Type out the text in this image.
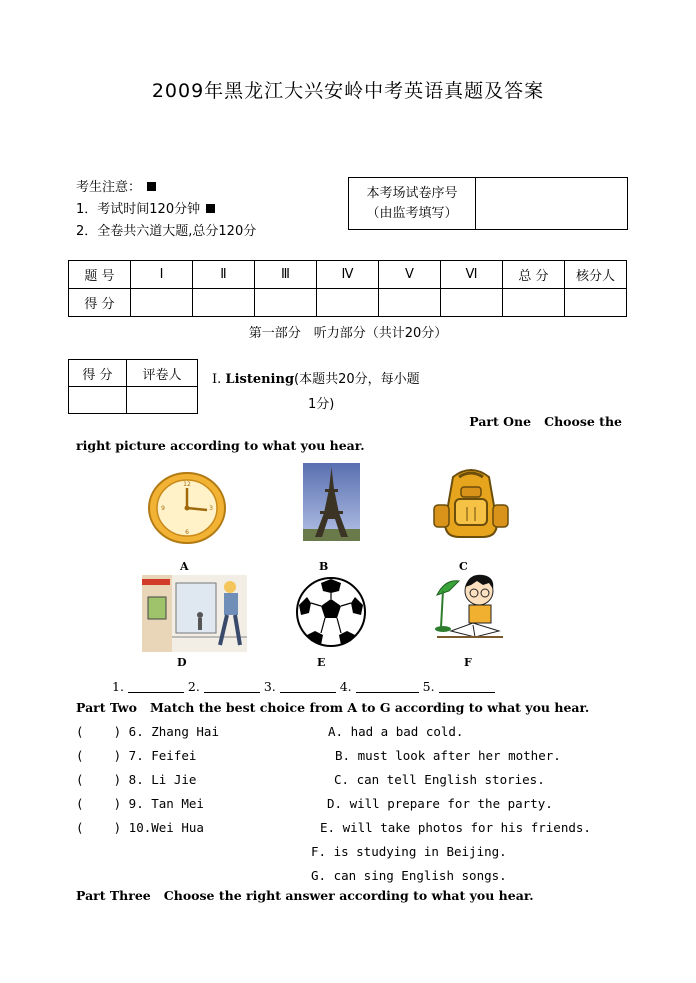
2009年黑龙江大兴安岭中考英语真题及答案
考生注意：
1．考试时间120分钟
2．全卷共六道大题,总分120分
本考场试卷序号
（由监考填写）

题 号	I	Ⅱ	Ⅲ	Ⅳ	Ⅴ	Ⅵ	总 分	核分人
得 分								
第一部分　听力部分（共计20分）
得 分	评卷人
	Ⅰ. Listening(本题共20分，每小题
1分)
Part One   Choose the
right picture according to what you hear.
12
3
6
9
A	B	C
D	E	F
1.	2.	3.	4.	5.
Part Two   Match the best choice from A to G according to what you hear.
(    ) 6. Zhang Hai	A. had a bad cold.
(    ) 7. Feifei	B. must look after her mother.
(    ) 8. Li Jie	C. can tell English stories.
(    ) 9. Tan Mei	D. will prepare for the party.
(    ) 10.Wei Hua	E. will take photos for his friends.
F. is studying in Beijing.
G. can sing English songs.
Part Three   Choose the right answer according to what you hear.
